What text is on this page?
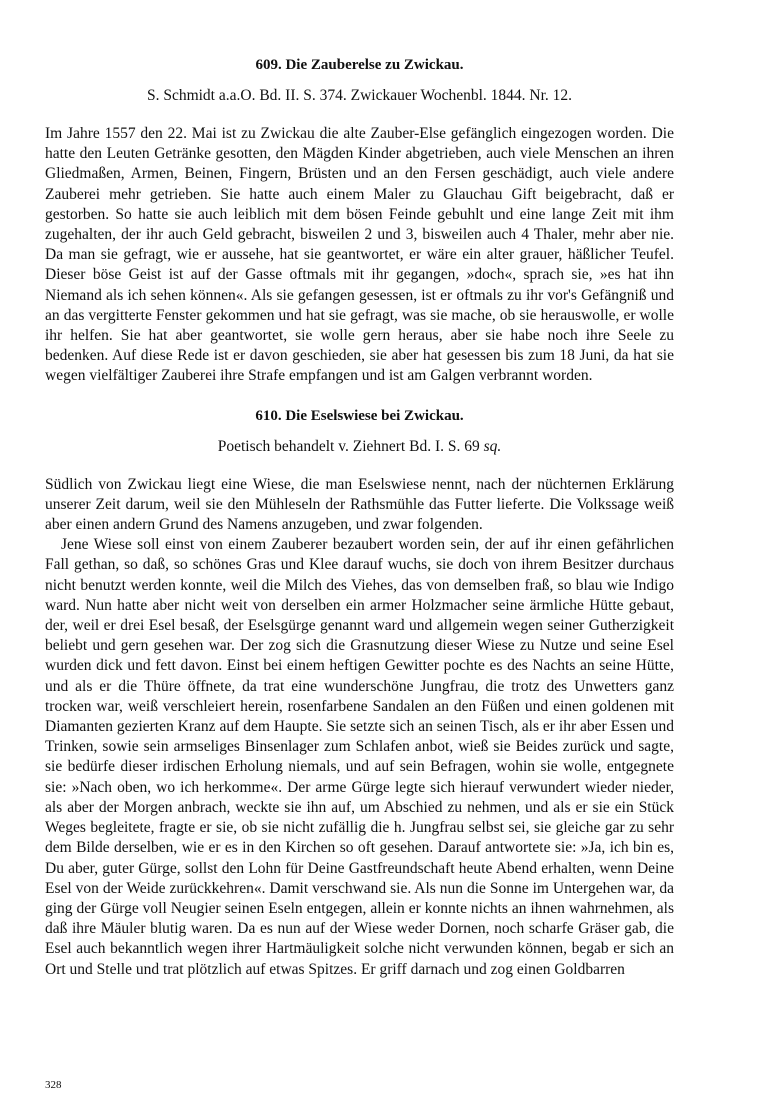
609. Die Zauberelse zu Zwickau.

S. Schmidt a.a.O. Bd. II. S. 374. Zwickauer Wochenbl. 1844. Nr. 12.

Im Jahre 1557 den 22. Mai ist zu Zwickau die alte Zauber-Else gefänglich eingezogen worden. Die hatte den Leuten Getränke gesotten, den Mägden Kinder abgetrieben, auch viele Menschen an ihren Gliedmaßen, Armen, Beinen, Fingern, Brüsten und an den Fersen geschädigt, auch viele andere Zauberei mehr getrieben. Sie hatte auch einem Maler zu Glauchau Gift beigebracht, daß er gestorben. So hatte sie auch leiblich mit dem bösen Feinde gebuhlt und eine lange Zeit mit ihm zugehalten, der ihr auch Geld gebracht, bisweilen 2 und 3, bisweilen auch 4 Thaler, mehr aber nie. Da man sie gefragt, wie er aussehe, hat sie geantwortet, er wäre ein alter grauer, häßlicher Teufel. Dieser böse Geist ist auf der Gasse oftmals mit ihr gegangen, »doch«, sprach sie, »es hat ihn Niemand als ich sehen können«. Als sie gefangen gesessen, ist er oftmals zu ihr vor's Gefängniß und an das vergitterte Fenster gekommen und hat sie gefragt, was sie mache, ob sie herauswolle, er wolle ihr helfen. Sie hat aber geantwortet, sie wolle gern heraus, aber sie habe noch ihre Seele zu bedenken. Auf diese Rede ist er davon geschieden, sie aber hat gesessen bis zum 18 Juni, da hat sie wegen vielfältiger Zauberei ihre Strafe empfangen und ist am Galgen verbrannt worden.

610. Die Eselswiese bei Zwickau.

Poetisch behandelt v. Ziehnert Bd. I. S. 69 sq.

Südlich von Zwickau liegt eine Wiese, die man Eselswiese nennt, nach der nüchternen Erklärung unserer Zeit darum, weil sie den Mühleseln der Rathsmühle das Futter lieferte. Die Volkssage weiß aber einen andern Grund des Namens anzugeben, und zwar folgenden.

Jene Wiese soll einst von einem Zauberer bezaubert worden sein, der auf ihr einen gefährlichen Fall gethan, so daß, so schönes Gras und Klee darauf wuchs, sie doch von ihrem Besitzer durchaus nicht benutzt werden konnte, weil die Milch des Viehes, das von demselben fraß, so blau wie Indigo ward. Nun hatte aber nicht weit von derselben ein armer Holzmacher seine ärmliche Hütte gebaut, der, weil er drei Esel besaß, der Eselsgürge genannt ward und allgemein wegen seiner Gutherzigkeit beliebt und gern gesehen war. Der zog sich die Grasnutzung dieser Wiese zu Nutze und seine Esel wurden dick und fett davon. Einst bei einem heftigen Gewitter pochte es des Nachts an seine Hütte, und als er die Thüre öffnete, da trat eine wunderschöne Jungfrau, die trotz des Unwetters ganz trocken war, weiß verschleiert herein, rosenfarbene Sandalen an den Füßen und einen goldenen mit Diamanten gezierten Kranz auf dem Haupte. Sie setzte sich an seinen Tisch, als er ihr aber Essen und Trinken, sowie sein armseliges Binsenlager zum Schlafen anbot, wieß sie Beides zurück und sagte, sie bedürfe dieser irdischen Erholung niemals, und auf sein Befragen, wohin sie wolle, entgegnete sie: »Nach oben, wo ich herkomme«. Der arme Gürge legte sich hierauf verwundert wieder nieder, als aber der Morgen anbrach, weckte sie ihn auf, um Abschied zu nehmen, und als er sie ein Stück Weges begleitete, fragte er sie, ob sie nicht zufällig die h. Jungfrau selbst sei, sie gleiche gar zu sehr dem Bilde derselben, wie er es in den Kirchen so oft gesehen. Darauf antwortete sie: »Ja, ich bin es, Du aber, guter Gürge, sollst den Lohn für Deine Gastfreundschaft heute Abend erhalten, wenn Deine Esel von der Weide zurückkehren«. Damit verschwand sie. Als nun die Sonne im Untergehen war, da ging der Gürge voll Neugier seinen Eseln entgegen, allein er konnte nichts an ihnen wahrnehmen, als daß ihre Mäuler blutig waren. Da es nun auf der Wiese weder Dornen, noch scharfe Gräser gab, die Esel auch bekanntlich wegen ihrer Hartmäuligkeit solche nicht verwunden können, begab er sich an Ort und Stelle und trat plötzlich auf etwas Spitzes. Er griff darnach und zog einen Goldbarren

328
